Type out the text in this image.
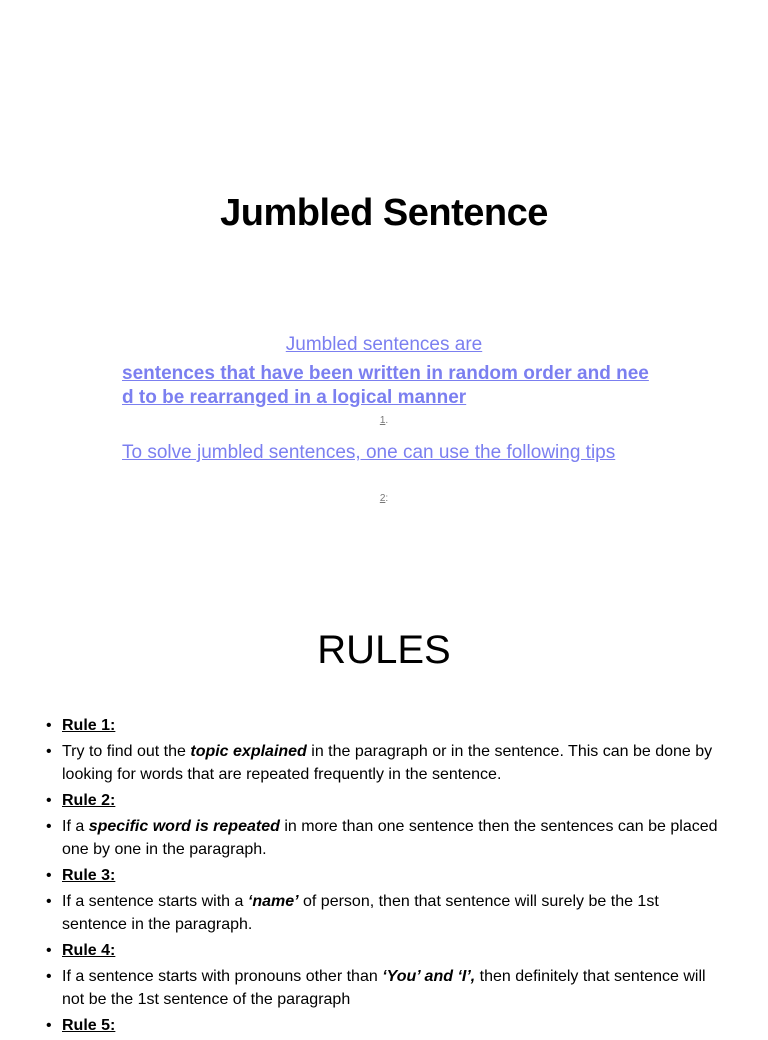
Jumbled Sentence
Jumbled sentences are
sentences that have been written in random order and need to be rearranged in a logical manner
1.
To solve jumbled sentences, one can use the following tips
2:
RULES
• Rule 1:
• Try to find out the topic explained in the paragraph or in the sentence. This can be done by looking for words that are repeated frequently in the sentence.
• Rule 2:
• If a specific word is repeated in more than one sentence then the sentences can be placed one by one in the paragraph.
• Rule 3:
• If a sentence starts with a ‘name’ of person, then that sentence will surely be the 1st sentence in the paragraph.
• Rule 4:
• If a sentence starts with pronouns other than ‘You’ and ‘I’, then definitely that sentence will not be the 1st sentence of the paragraph
• Rule 5:
